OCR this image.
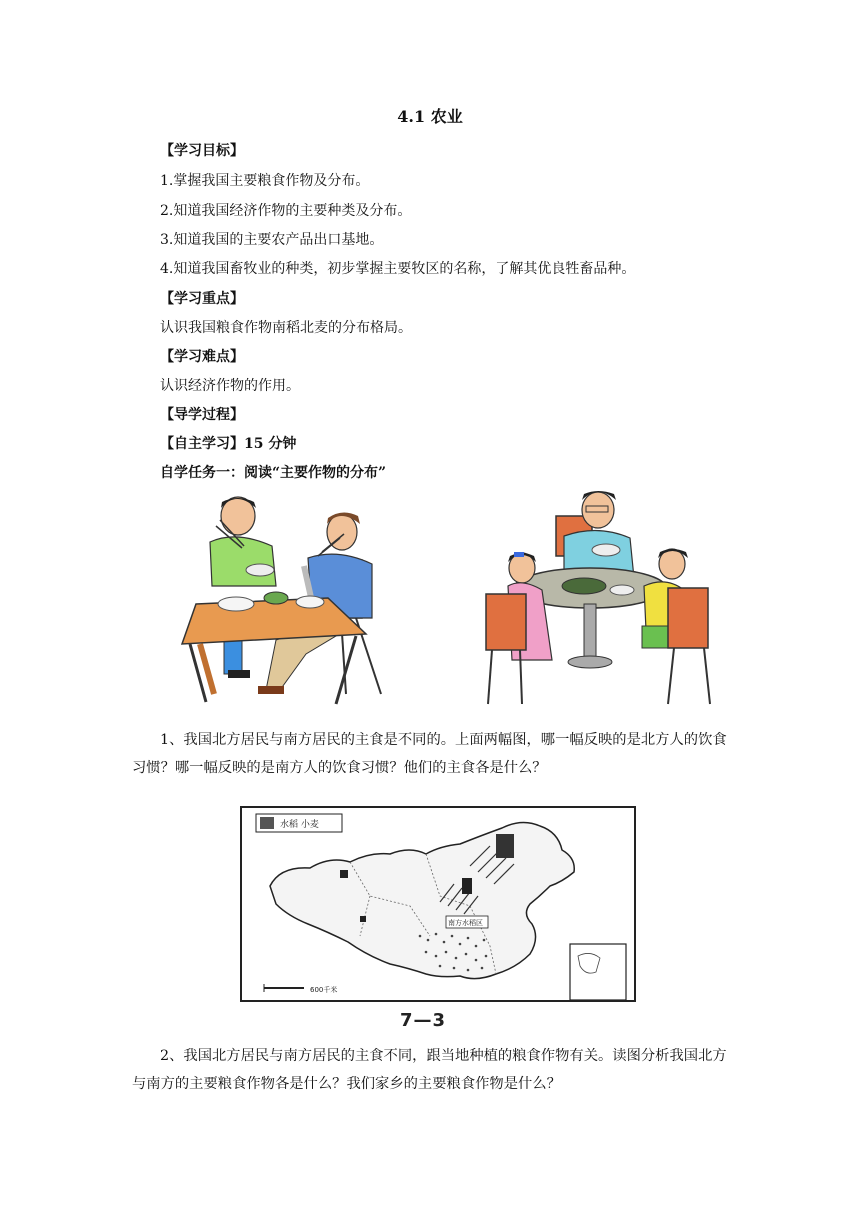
4.1 农业
【学习目标】
1.掌握我国主要粮食作物及分布。
2.知道我国经济作物的主要种类及分布。
3.知道我国的主要农产品出口基地。
4.知道我国畜牧业的种类，初步掌握主要牧区的名称，了解其优良牲畜品种。
【学习重点】
认识我国粮食作物南稻北麦的分布格局。
【学习难点】
认识经济作物的作用。
【导学过程】
【自主学习】15 分钟
自学任务一：阅读“主要作物的分布”
1、我国北方居民与南方居民的主食是不同的。上面两幅图，哪一幅反映的是北方人的饮食习惯？哪一幅反映的是南方人的饮食习惯？他们的主食各是什么？
水稻 小麦
南方水稻区
600千米
7—3
2、我国北方居民与南方居民的主食不同，跟当地种植的粮食作物有关。读图分析我国北方与南方的主要粮食作物各是什么？我们家乡的主要粮食作物是什么？
